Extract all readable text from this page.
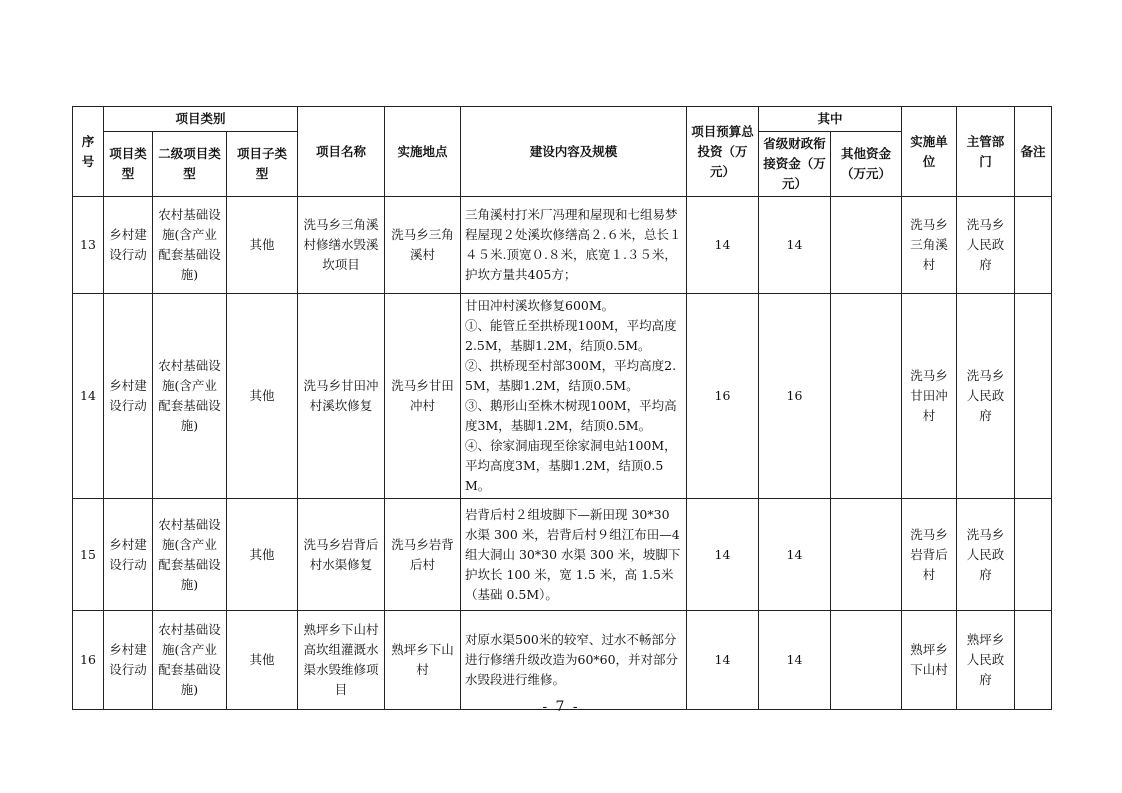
序号	项目类别			项目名称	实施地点	建设内容及规模	项目预算总投资（万元）	其中		实施单位	主管部门	备注
	项目类型	二级项目类型	项目子类型					省级财政衔接资金（万元）	其他资金（万元）			
13	乡村建设行动	农村基础设施(含产业配套基础设施)	其他	洗马乡三角溪村修缮水毁溪坎项目	洗马乡三角溪村	三角溪村打米厂冯理和屋现和七组易梦程屋现２处溪坎修缮高２.６米，总长１４５米.顶宽０.８米，底宽１.３５米，护坎方量共405方；	14	14		洗马乡三角溪村	洗马乡人民政府	
14	乡村建设行动	农村基础设施(含产业配套基础设施)	其他	洗马乡甘田冲村溪坎修复	洗马乡甘田冲村	甘田冲村溪坎修复600M。
①、能管丘至拱桥现100M，平均高度2.5M，基脚1.2M，结顶0.5M。
②、拱桥现至村部300M，平均高度2.5M，基脚1.2M，结顶0.5M。
③、鹅形山至株木树现100M，平均高度3M，基脚1.2M，结顶0.5M。
④、徐家洞庙现至徐家洞电站100M，平均高度3M，基脚1.2M，结顶0.5M。	16	16		洗马乡甘田冲村	洗马乡人民政府	
15	乡村建设行动	农村基础设施(含产业配套基础设施)	其他	洗马乡岩背后村水渠修复	洗马乡岩背后村	岩背后村２组坡脚下—新田现 30*30水渠 300 米，岩背后村９组江布田—4组大洞山 30*30 水渠 300 米，坡脚下护坎长 100 米，宽 1.5 米，高 1.5米（基础 0.5M）。	14	14		洗马乡岩背后村	洗马乡人民政府	
16	乡村建设行动	农村基础设施(含产业配套基础设施)	其他	熟坪乡下山村高坎组灌溉水渠水毁维修项目	熟坪乡下山村	对原水渠500米的较窄、过水不畅部分进行修缮升级改造为60*60，并对部分水毁段进行维修。	14	14		熟坪乡下山村	熟坪乡人民政府	
- 7 -
